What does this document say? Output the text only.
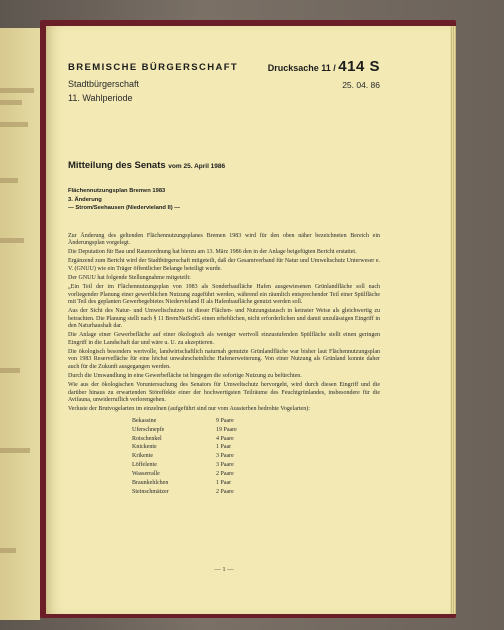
BREMISCHE BÜRGERSCHAFT
Stadtbürgerschaft
11. Wahlperiode
Drucksache 11 / 414 S
25. 04. 86
Mitteilung des Senats vom 25. April 1986
Flächennutzungsplan Bremen 1983
3. Änderung
— Strom/Seehausen (Niedervieland II) —

Zur Änderung des geltenden Flächennutzungsplanes Bremen 1983 wird für den oben näher bezeichneten Bereich ein Änderungsplan vorgelegt.

Die Deputation für Bau und Raumordnung hat hierzu am 13. März 1986 den in der Anlage beigefügten Bericht erstattet.

Ergänzend zum Bericht wird der Stadtbürgerschaft mitgeteilt, daß der Gesamtverband für Natur und Umweltschutz Unterweser e. V. (GNUU) wie ein Träger öffentlicher Belange beteiligt wurde.

Der GNUU hat folgende Stellungnahme mitgeteilt:

„Ein Teil der im Flächennutzungsplan von 1983 als Sonderbaufläche Hafen ausgewiesenen Grünlandfläche soll nach vorliegender Planung einer gewerblichen Nutzung zugeführt werden, während ein räumlich entsprechender Teil einer Spülfläche mit Teil des geplanten Gewerbegebietes Niedervieland II als Hafenbaufläche genutzt werden soll.

Aus der Sicht des Natur- und Umweltschutzes ist dieser Flächen- und Nutzungstausch in keinster Weise als gleichwertig zu betrachten. Die Planung stellt nach § 11 BremNatSchG einen erheblichen, nicht erforderlichen und damit unzulässigen Eingriff in den Naturhaushalt dar.

Die Anlage einer Gewerbefläche auf einer ökologisch als weniger wertvoll einzustufenden Spülfläche stellt einen geringen Eingriff in die Landschaft dar und wäre u. U. zu akzeptieren.

Die ökologisch besonders wertvolle, landwirtschaftlich naturnah genutzte Grünlandfläche war bisher laut Flächennutzungsplan von 1983 Reservefläche für eine höchst unwahrscheinliche Hafenerweiterung. Von einer Nutzung als Grünland konnte daher auch für die Zukunft ausgegangen werden.

Durch die Umwandlung in eine Gewerbefläche ist hingegen die sofortige Nutzung zu befürchten.

Wie aus der ökologischen Voruntersuchung des Senators für Umweltschutz hervorgeht, wird durch diesen Eingriff und die darüber hinaus zu erwartenden Störeffekte einer der hochwertigsten Teilräume des Feuchtgrünlandes, insbesondere für die Avifauna, unwiderruflich verlorengehen.

Verluste der Brutvogelarten im einzelnen (aufgeführt sind nur vom Aussterben bedrohte Vogelarten):

Bekassine	9 Paare
Uferschnepfe	19 Paare
Rotschenkel	4 Paare
Knickente	1 Paar
Krikente	3 Paare
Löffelente	3 Paare
Wasserralle	2 Paare
Braunkehlchen	1 Paar
Steinschmätzer	2 Paare
— 1 —
